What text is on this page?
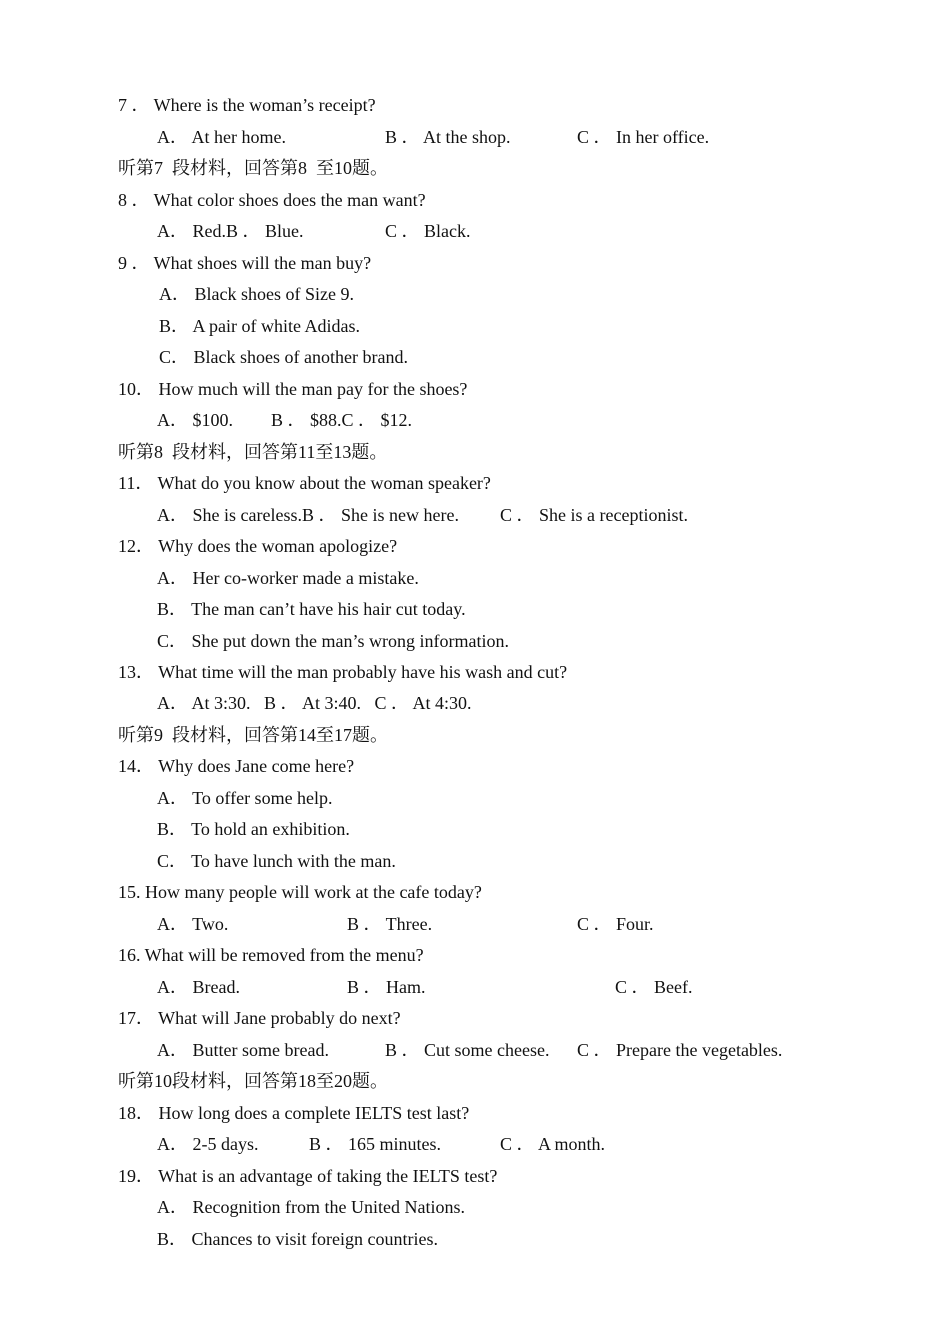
7 ． Where is the woman’s receipt?
A． At her home.	B ． At the shop.	C ． In her office.
听第7  段材料，回答第8  至10题。
8 ． What color shoes does the man want?
A． Red.B ． Blue.	C ． Black.
9 ． What shoes will the man buy?
A． Black shoes of Size 9.
B． A pair of white Adidas.
C． Black shoes of another brand.
10． How much will the man pay for the shoes?
A． $100. B ． $88.C ． $12.
听第8  段材料，回答第11至13题。
11． What do you know about the woman speaker?
A． She is careless.B ． She is new here. C ． She is a receptionist.
12． Why does the woman apologize?
A． Her co-worker made a mistake.
B． The man can’t have his hair cut today.
C． She put down the man’s wrong information.
13． What time will the man probably have his wash and cut?
A． At 3:30.   B ． At 3:40.   C ． At 4:30.
听第9  段材料，回答第14至17题。
14． Why does Jane come here?
A． To offer some help.
B． To hold an exhibition.
C． To have lunch with the man.
15. How many people will work at the cafe today?
A． Two.	B ． Three.	C ． Four.
16. What will be removed from the menu?
A． Bread.	B ． Ham.	C ． Beef.
17． What will Jane probably do next?
A． Butter some bread.	B ． Cut some cheese. C ． Prepare the vegetables.
听第10段材料，回答第18至20题。
18． How long does a complete IELTS test last?
A． 2-5 days.	B ． 165 minutes.	C ． A month.
19． What is an advantage of taking the IELTS test?
A． Recognition from the United Nations.
B． Chances to visit foreign countries.
